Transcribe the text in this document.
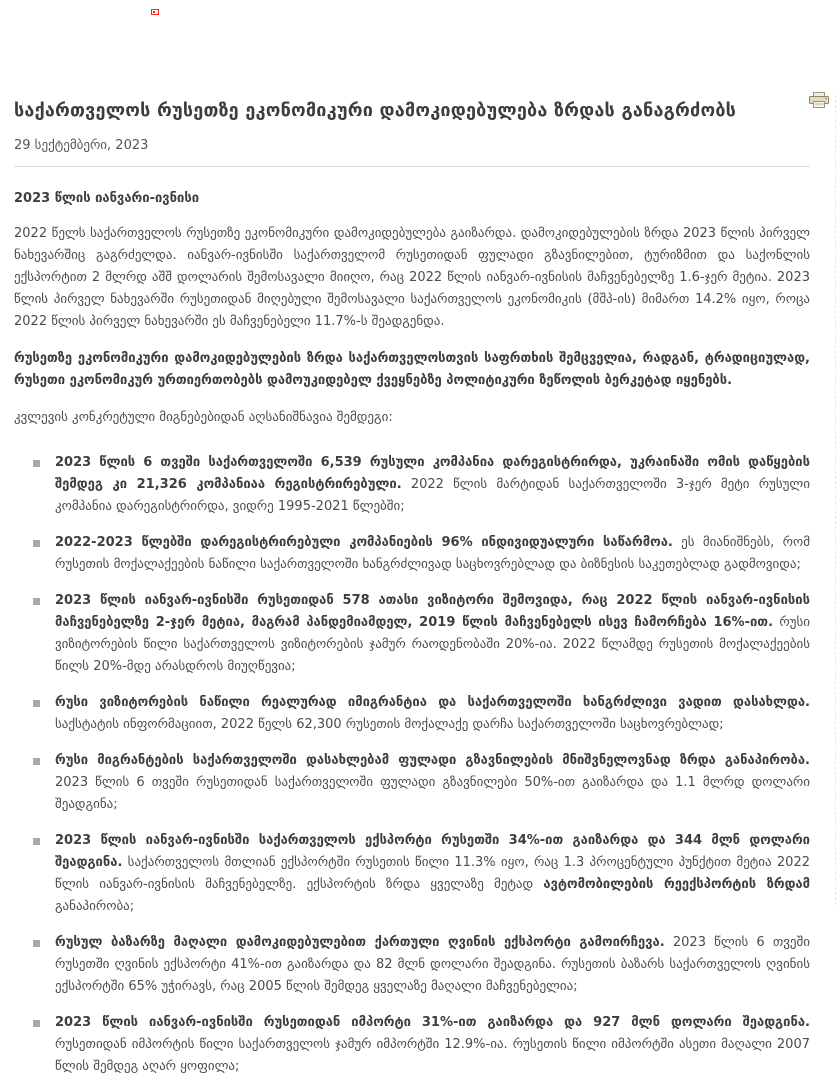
საქართველოს რუსეთზე ეკონომიკური დამოკიდებულება ზრდას განაგრძობს
29 სექტემბერი, 2023
2023 წლის იანვარი-ივნისი

2022 წელს საქართველოს რუსეთზე ეკონომიკური დამოკიდებულება გაიზარდა. დამოკიდებულების ზრდა 2023 წლის პირველ ნახევარშიც გაგრძელდა. იანვარ-ივნისში საქართველომ რუსეთიდან ფულადი გზავნილებით, ტურიზმით და საქონლის ექსპორტით 2 მლრდ აშშ დოლარის შემოსავალი მიიღო, რაც 2022 წლის იანვარ-ივნისის მაჩვენებელზე 1.6-ჯერ მეტია. 2023 წლის პირველ ნახევარში რუსეთიდან მიღებული შემოსავალი საქართველოს ეკონომიკის (მშპ-ის) მიმართ 14.2% იყო, როცა 2022 წლის პირველ ნახევარში ეს მაჩვენებელი 11.7%-ს შეადგენდა.

რუსეთზე ეკონომიკური დამოკიდებულების ზრდა საქართველოსთვის საფრთხის შემცველია, რადგან, ტრადიციულად, რუსეთი ეკონომიკურ ურთიერთობებს დამოუკიდებელ ქვეყნებზე პოლიტიკური ზეწოლის ბერკეტად იყენებს.

კვლევის კონკრეტული მიგნებებიდან აღსანიშნავია შემდეგი:

2023 წლის 6 თვეში საქართველოში 6,539 რუსული კომპანია დარეგისტრირდა, უკრაინაში ომის დაწყების შემდეგ კი 21,326 კომპანიაა რეგისტრირებული. 2022 წლის მარტიდან საქართველოში 3-ჯერ მეტი რუსული კომპანია დარეგისტრირდა, ვიდრე 1995-2021 წლებში;
2022-2023 წლებში დარეგისტრირებული კომპანიების 96% ინდივიდუალური საწარმოა. ეს მიანიშნებს, რომ რუსეთის მოქალაქეების ნაწილი საქართველოში ხანგრძლივად საცხოვრებლად და ბიზნესის საკეთებლად გადმოვიდა;
2023 წლის იანვარ-ივნისში რუსეთიდან 578 ათასი ვიზიტორი შემოვიდა, რაც 2022 წლის იანვარ-ივნისის მაჩვენებელზე 2-ჯერ მეტია, მაგრამ პანდემიამდელ, 2019 წლის მაჩვენებელს ისევ ჩამორჩება 16%-ით. რუსი ვიზიტორების წილი საქართველოს ვიზიტორების ჯამურ რაოდენობაში 20%-ია. 2022 წლამდე რუსეთის მოქალაქეების წილს 20%-მდე არასდროს მიუღწევია;
რუსი ვიზიტორების ნაწილი რეალურად იმიგრანტია და საქართველოში ხანგრძლივი ვადით დასახლდა. საქსტატის ინფორმაციით, 2022 წელს 62,300 რუსეთის მოქალაქე დარჩა საქართველოში საცხოვრებლად;
რუსი მიგრანტების საქართველოში დასახლებამ ფულადი გზავნილების მნიშვნელოვნად ზრდა განაპირობა. 2023 წლის 6 თვეში რუსეთიდან საქართველოში ფულადი გზავნილები 50%-ით გაიზარდა და 1.1 მლრდ დოლარი შეადგინა;
2023 წლის იანვარ-ივნისში საქართველოს ექსპორტი რუსეთში 34%-ით გაიზარდა და 344 მლნ დოლარი შეადგინა. საქართველოს მთლიან ექსპორტში რუსეთის წილი 11.3% იყო, რაც 1.3 პროცენტული პუნქტით მეტია 2022 წლის იანვარ-ივნისის მაჩვენებელზე. ექსპორტის ზრდა ყველაზე მეტად ავტომობილების რეექსპორტის ზრდამ განაპირობა;
რუსულ ბაზარზე მაღალი დამოკიდებულებით ქართული ღვინის ექსპორტი გამოირჩევა. 2023 წლის 6 თვეში რუსეთში ღვინის ექსპორტი 41%-ით გაიზარდა და 82 მლნ დოლარი შეადგინა. რუსეთის ბაზარს საქართველოს ღვინის ექსპორტში 65% უჭირავს, რაც 2005 წლის შემდეგ ყველაზე მაღალი მაჩვენებელია;
2023 წლის იანვარ-ივნისში რუსეთიდან იმპორტი 31%-ით გაიზარდა და 927 მლნ დოლარი შეადგინა. რუსეთიდან იმპორტის წილი საქართველოს ჯამურ იმპორტში 12.9%-ია. რუსეთის წილი იმპორტში ასეთი მაღალი 2007 წლის შემდეგ აღარ ყოფილა;
